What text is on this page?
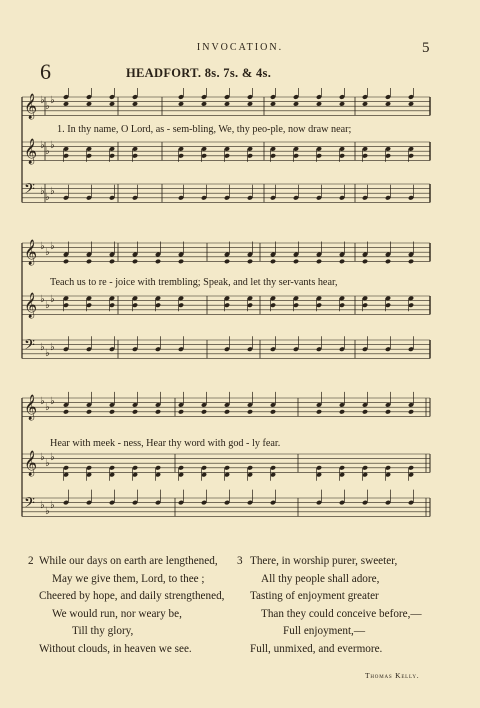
INVOCATION.	5
6	HEADFORT. 8s. 7s. & 4s.
𝄞 ♭
♭
♭
𝄞 ♭
♭
♭
𝄢 ♭
♭
♭
1. In thy name, O Lord, as - sem-bling, We, thy peo-ple, now draw near;
𝄞 ♭
♭
♭
𝄞 ♭
♭
♭
𝄢 ♭
♭
♭
Teach us to re - joice with trembling; Speak, and let thy ser-vants hear,
𝄞 ♭
♭
♭
𝄞 ♭
♭
♭
𝄢 ♭
♭
♭
Hear with meek - ness, Hear thy word with god - ly fear.
2 While our days on earth are lengthened,
May we give them, Lord, to thee ;
Cheered by hope, and daily strengthened,
We would run, nor weary be,
Till thy glory,
Without clouds, in heaven we see.
3 There, in worship purer, sweeter,
All thy people shall adore,
Tasting of enjoyment greater
Than they could conceive before,—
Full enjoyment,—
Full, unmixed, and evermore.
Thomas Kelly.
